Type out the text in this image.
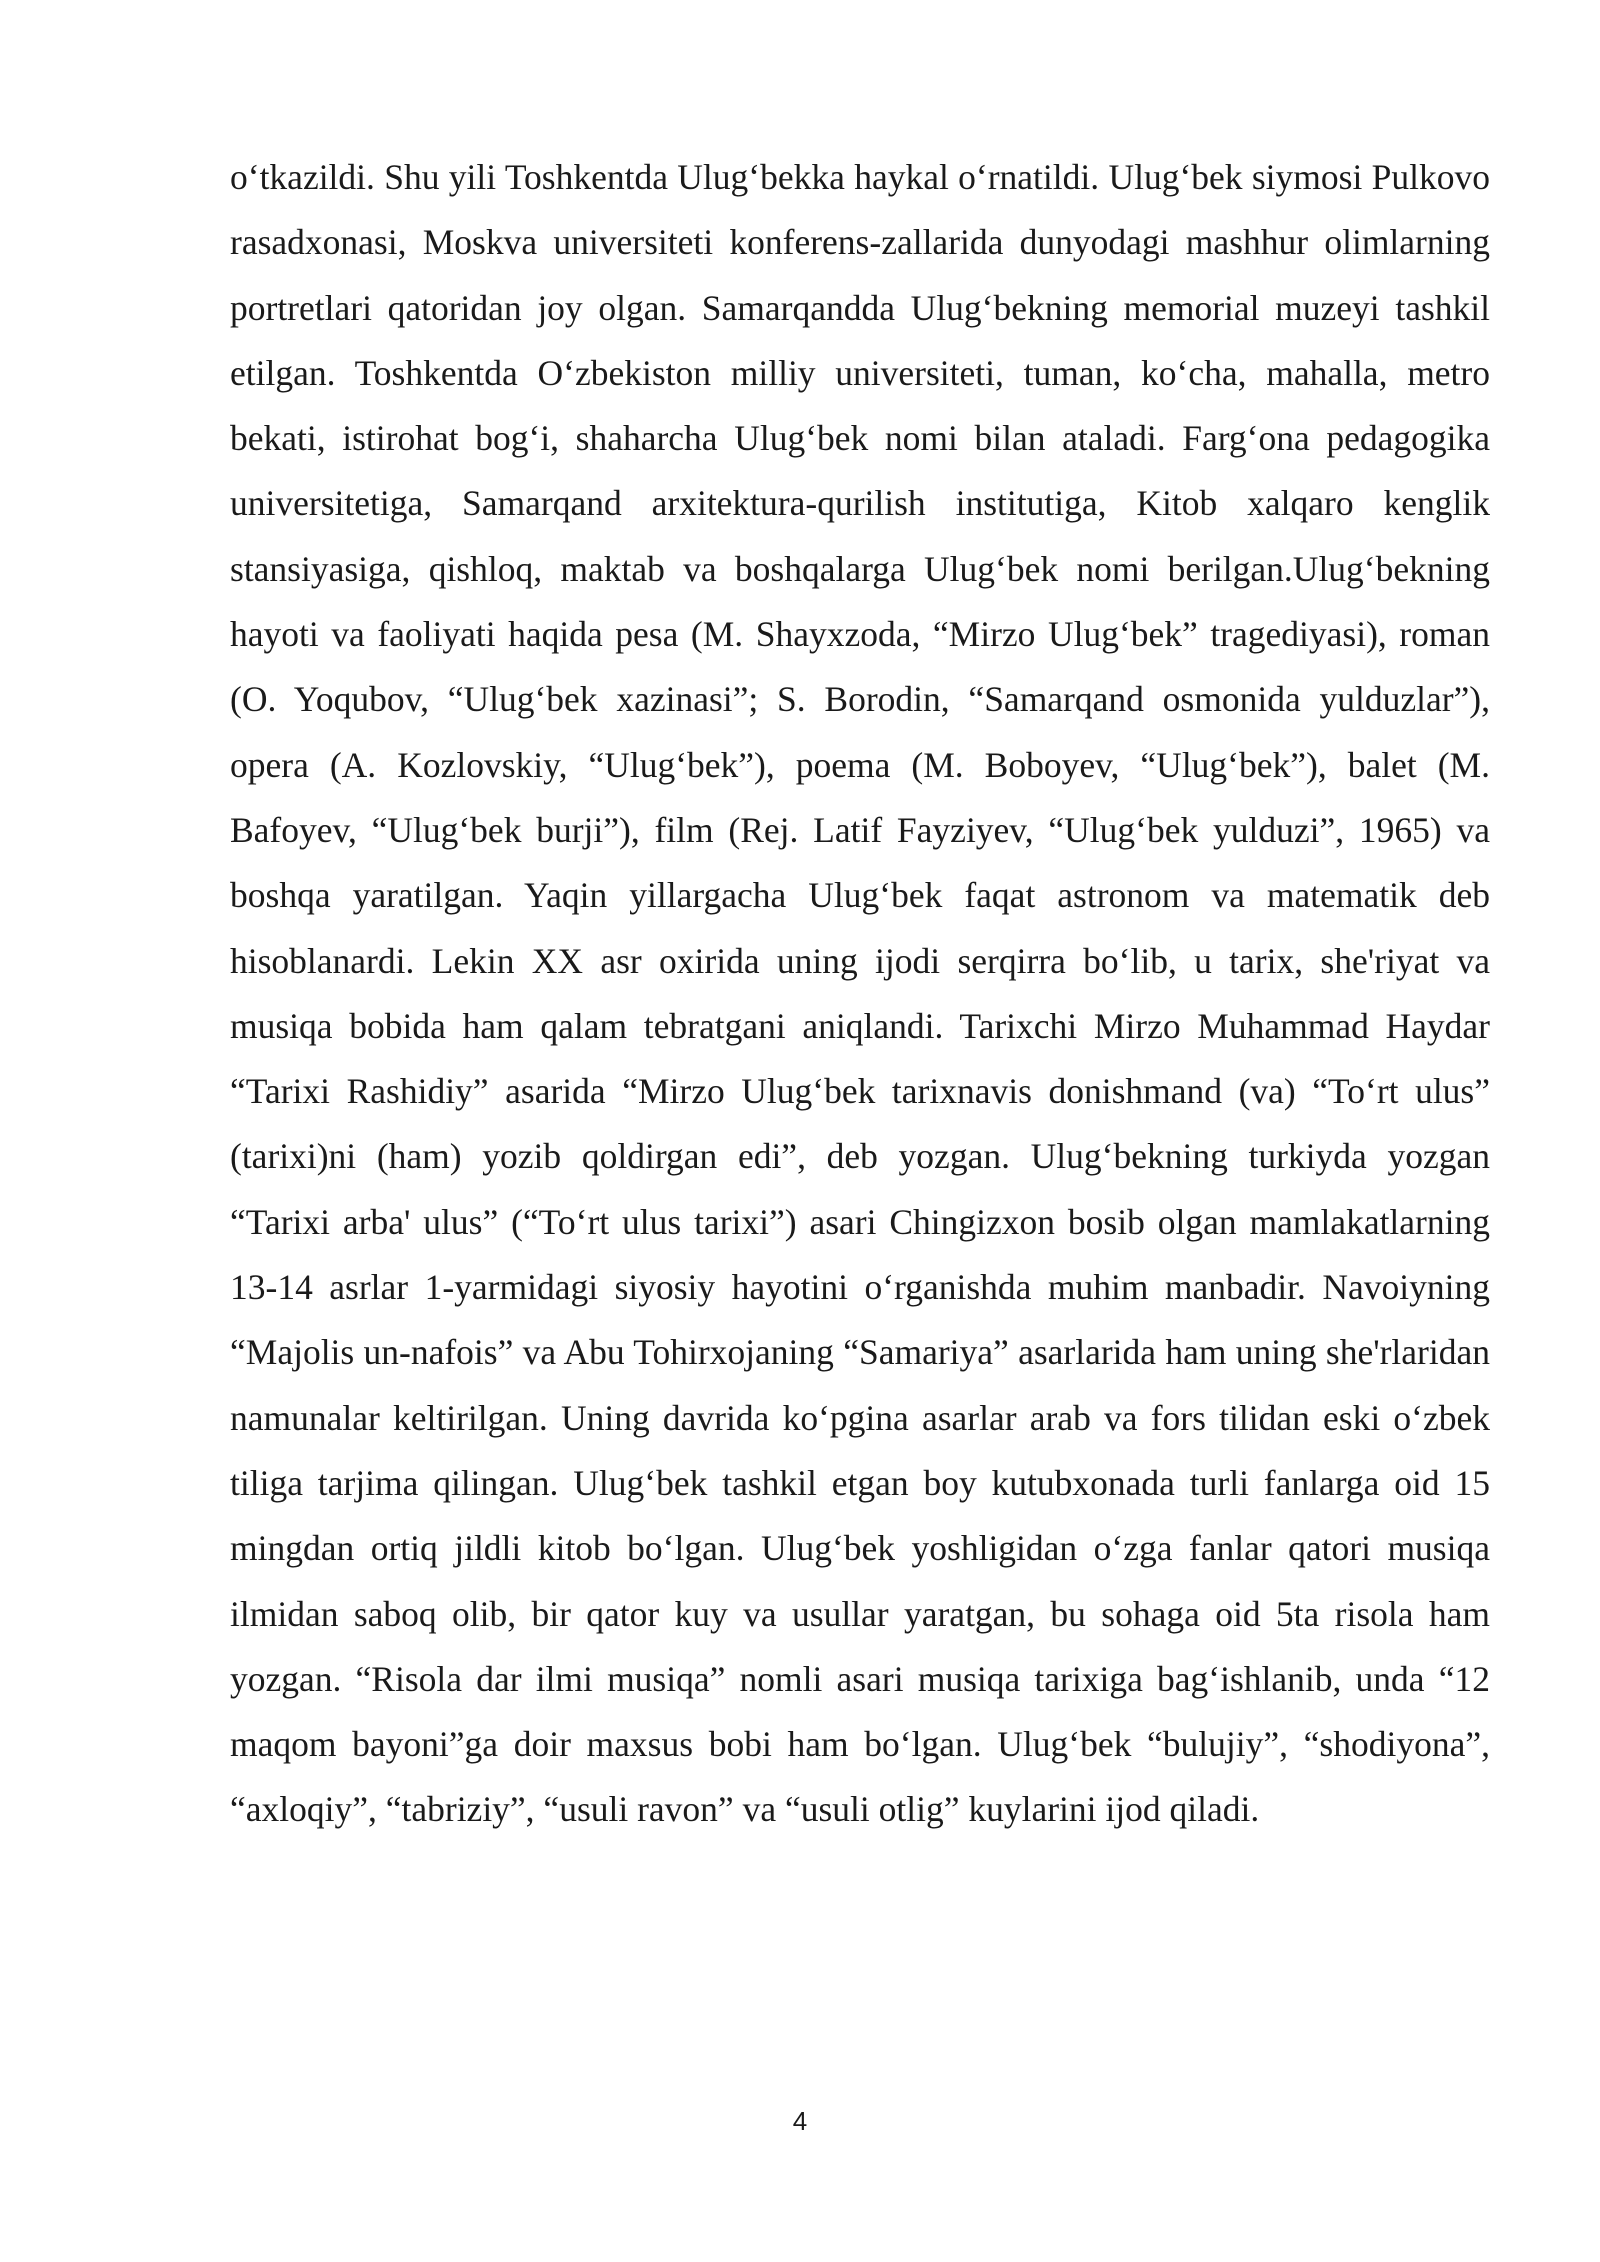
o‘tkazildi. Shu yili Toshkentda Ulug‘bekka haykal o‘rnatildi. Ulug‘bek siymosi Pulkovo rasadxonasi, Moskva universiteti konferens-zallarida dunyodagi mashhur olimlarning portretlari qatoridan joy olgan. Samarqandda Ulug‘bekning memorial muzeyi tashkil etilgan. Toshkentda O‘zbekiston milliy universiteti, tuman, ko‘cha, mahalla, metro bekati, istirohat bog‘i, shaharcha Ulug‘bek nomi bilan ataladi. Farg‘ona pedagogika universitetiga, Samarqand arxitektura-qurilish institutiga, Kitob xalqaro kenglik stansiyasiga, qishloq, maktab va boshqalarga Ulug‘bek nomi berilgan.Ulug‘bekning hayoti va faoliyati haqida pesa (M. Shayxzoda, “Mirzo Ulug‘bek” tragediyasi), roman (O. Yoqubov, “Ulug‘bek xazinasi”; S. Borodin, “Samarqand osmonida yulduzlar”), opera (A. Kozlovskiy, “Ulug‘bek”), poema (M. Boboyev, “Ulug‘bek”), balet (M. Bafoyev, “Ulug‘bek burji”), film (Rej. Latif Fayziyev, “Ulug‘bek yulduzi”, 1965) va boshqa yaratilgan. Yaqin yillargacha Ulug‘bek faqat astronom va matematik deb hisoblanardi. Lekin XX asr oxirida uning ijodi serqirra bo‘lib, u tarix, she'riyat va musiqa bobida ham qalam tebratgani aniqlandi. Tarixchi Mirzo Muhammad Haydar “Tarixi Rashidiy” asarida “Mirzo Ulug‘bek tarixnavis donishmand (va) “To‘rt ulus” (tarixi)ni (ham) yozib qoldirgan edi”, deb yozgan. Ulug‘bekning turkiyda yozgan “Tarixi arba' ulus” (“To‘rt ulus tarixi”) asari Chingizxon bosib olgan mamlakatlarning 13-14 asrlar 1-yarmidagi siyosiy hayotini o‘rganishda muhim manbadir. Navoiyning “Majolis un-nafois” va Abu Tohirxojaning “Samariya” asarlarida ham uning she'rlaridan namunalar keltirilgan. Uning davrida ko‘pgina asarlar arab va fors tilidan eski o‘zbek tiliga tarjima qilingan. Ulug‘bek tashkil etgan boy kutubxonada turli fanlarga oid 15 mingdan ortiq jildli kitob bo‘lgan. Ulug‘bek yoshligidan o‘zga fanlar qatori musiqa ilmidan saboq olib, bir qator kuy va usullar yaratgan, bu sohaga oid 5ta risola ham yozgan. “Risola dar ilmi musiqa” nomli asari musiqa tarixiga bag‘ishlanib, unda “12 maqom bayoni”ga doir maxsus bobi ham bo‘lgan. Ulug‘bek “bulujiy”, “shodiyona”, “axloqiy”, “tabriziy”, “usuli ravon” va “usuli otlig” kuylarini ijod qiladi.

4
